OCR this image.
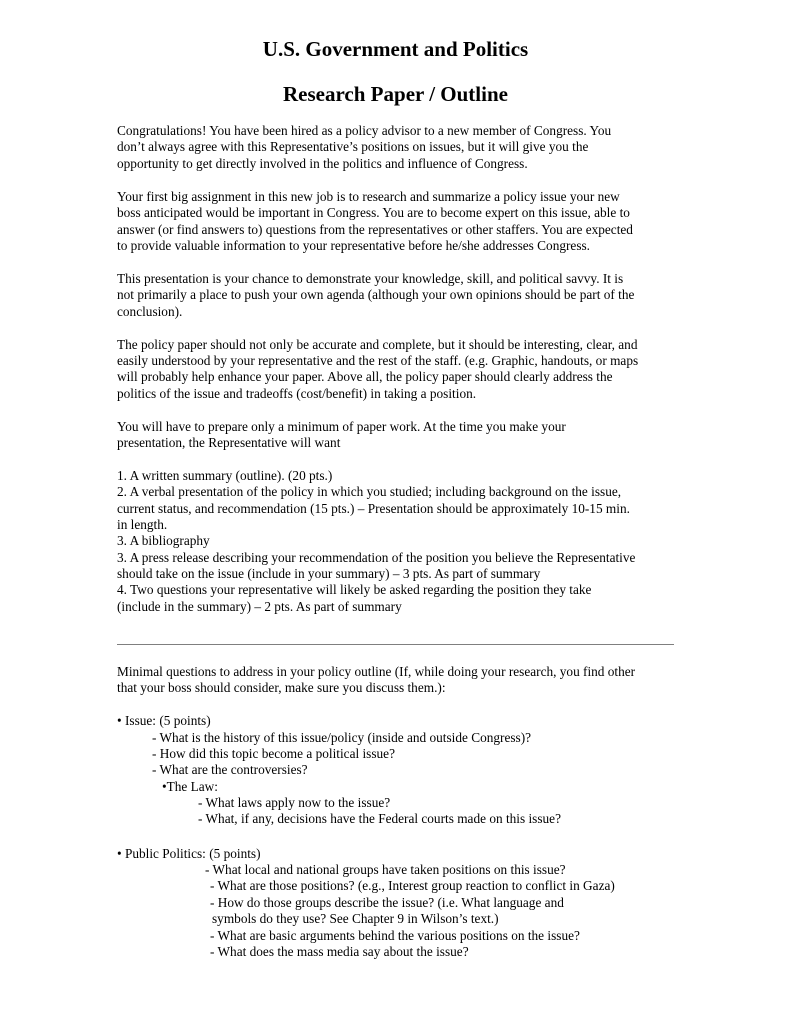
U.S. Government and Politics
Research Paper / Outline

Congratulations! You have been hired as a policy advisor to a new member of Congress. You

don’t always agree with this Representative’s positions on issues, but it will give you the

opportunity to get directly involved in the politics and influence of Congress.

Your first big assignment in this new job is to research and summarize a policy issue your new

boss anticipated would be important in Congress. You are to become expert on this issue, able to

answer (or find answers to) questions from the representatives or other staffers. You are expected

to provide valuable information to your representative before he/she addresses Congress.

This presentation is your chance to demonstrate your knowledge, skill, and political savvy. It is

not primarily a place to push your own agenda (although your own opinions should be part of the

conclusion).

The policy paper should not only be accurate and complete, but it should be interesting, clear, and

easily understood by your representative and the rest of the staff. (e.g. Graphic, handouts, or maps

will probably help enhance your paper. Above all, the policy paper should clearly address the

politics of the issue and tradeoffs (cost/benefit) in taking a position.

You will have to prepare only a minimum of paper work. At the time you make your

presentation, the Representative will want

1. A written summary (outline). (20 pts.)

2. A verbal presentation of the policy in which you studied; including background on the issue,

current status, and recommendation (15 pts.) – Presentation should be approximately 10-15 min.

in length.

3. A bibliography

3. A press release describing your recommendation of the position you believe the Representative

should take on the issue (include in your summary) – 3 pts. As part of summary

4. Two questions your representative will likely be asked regarding the position they take

(include in the summary) – 2 pts. As part of summary

Minimal questions to address in your policy outline (If, while doing your research, you find other

that your boss should consider, make sure you discuss them.):

• Issue: (5 points)

- What is the history of this issue/policy (inside and outside Congress)?

- How did this topic become a political issue?

- What are the controversies?

•The Law:

- What laws apply now to the issue?

- What, if any, decisions have the Federal courts made on this issue?

• Public Politics: (5 points)

- What local and national groups have taken positions on this issue?

- What are those positions? (e.g., Interest group reaction to conflict in Gaza)

- How do those groups describe the issue? (i.e. What language and

symbols do they use? See Chapter 9 in Wilson’s text.)

- What are basic arguments behind the various positions on the issue?

- What does the mass media say about the issue?
